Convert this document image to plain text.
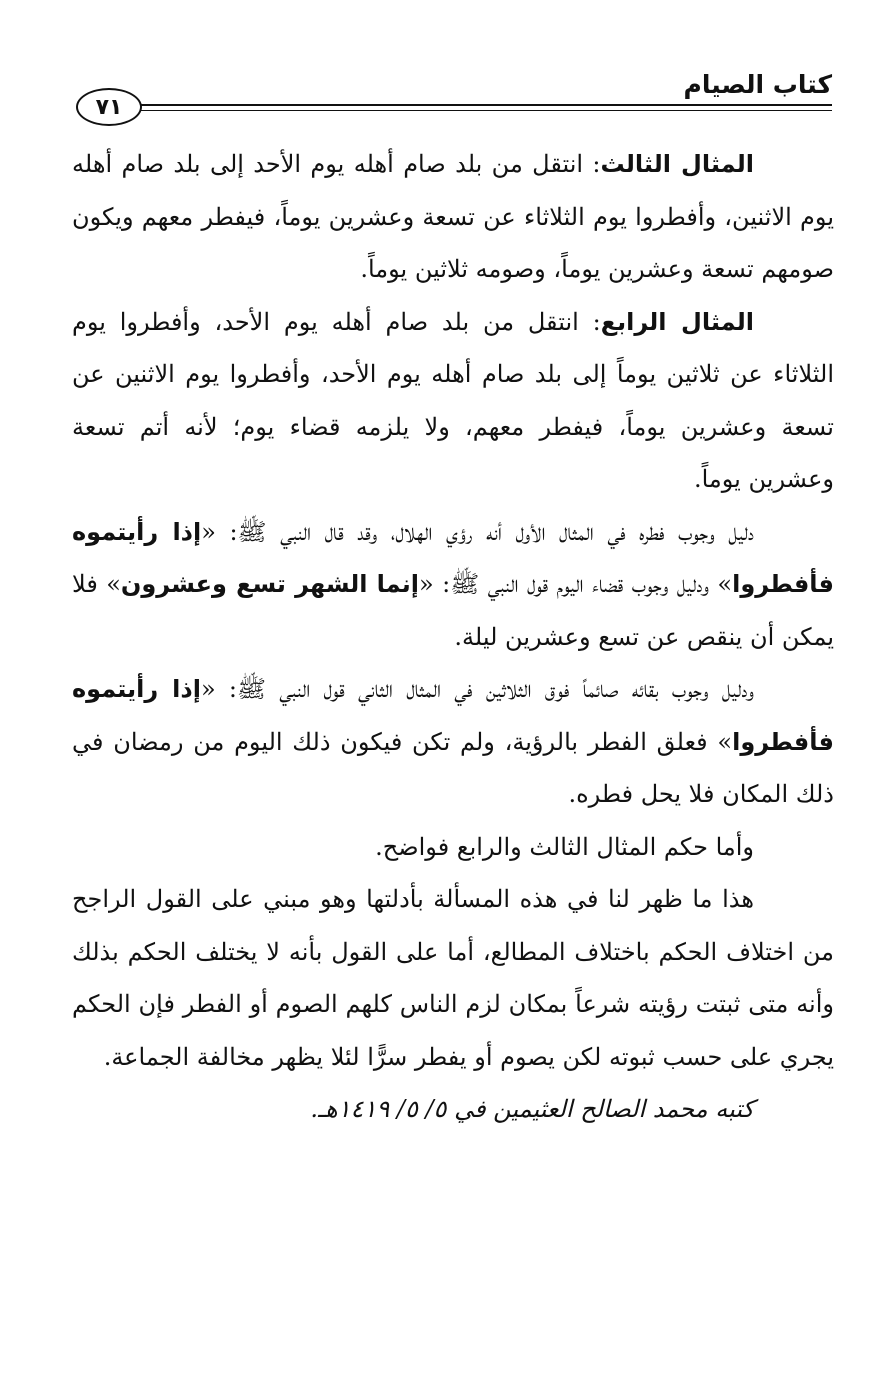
كتاب الصيام
٧١

المثال الثالث: انتقل من بلد صام أهله يوم الأحد إلى بلد صام أهله يوم الاثنين، وأفطروا يوم الثلاثاء عن تسعة وعشرين يوماً، فيفطر معهم ويكون صومهم تسعة وعشرين يوماً، وصومه ثلاثين يوماً.

المثال الرابع: انتقل من بلد صام أهله يوم الأحد، وأفطروا يوم الثلاثاء عن ثلاثين يوماً إلى بلد صام أهله يوم الأحد، وأفطروا يوم الاثنين عن تسعة وعشرين يوماً، فيفطر معهم، ولا يلزمه قضاء يوم؛ لأنه أتم تسعة وعشرين يوماً.

دليل وجوب فطره في المثال الأول أنه رؤي الهلال، وقد قال النبي ﷺ: «إذا رأيتموه فأفطروا» ودليل وجوب قضاء اليوم قول النبي ﷺ: «إنما الشهر تسع وعشرون» فلا يمكن أن ينقص عن تسع وعشرين ليلة.

ودليل وجوب بقائه صائماً فوق الثلاثين في المثال الثاني قول النبي ﷺ: «إذا رأيتموه فأفطروا» فعلق الفطر بالرؤية، ولم تكن فيكون ذلك اليوم من رمضان في ذلك المكان فلا يحل فطره.

وأما حكم المثال الثالث والرابع فواضح.

هذا ما ظهر لنا في هذه المسألة بأدلتها وهو مبني على القول الراجح من اختلاف الحكم باختلاف المطالع، أما على القول بأنه لا يختلف الحكم بذلك وأنه متى ثبتت رؤيته شرعاً بمكان لزم الناس كلهم الصوم أو الفطر فإن الحكم يجري على حسب ثبوته لكن يصوم أو يفطر سرًّا لئلا يظهر مخالفة الجماعة.

كتبه محمد الصالح العثيمين في ٥/ ٥/ ١٤١٩هـ.
